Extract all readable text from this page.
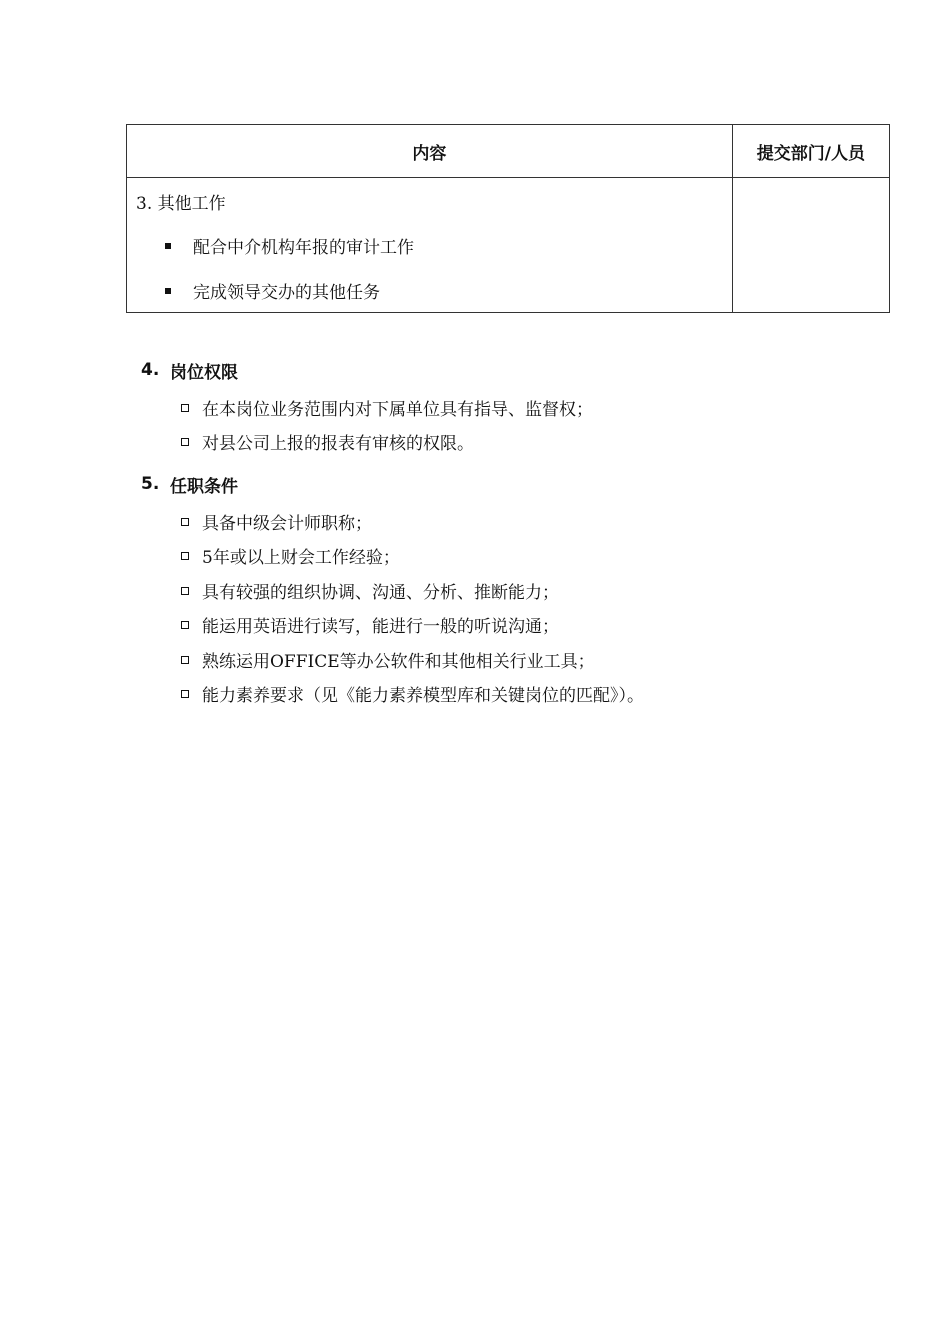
内容	提交部门/人员

3. 其他工作
配合中介机构年报的审计工作
完成领导交办的其他任务	

4. 岗位权限
在本岗位业务范围内对下属单位具有指导、监督权；
对县公司上报的报表有审核的权限。
5. 任职条件
具备中级会计师职称；
5年或以上财会工作经验；
具有较强的组织协调、沟通、分析、推断能力；
能运用英语进行读写，能进行一般的听说沟通；
熟练运用OFFICE等办公软件和其他相关行业工具；
能力素养要求（见《能力素养模型库和关键岗位的匹配》）。
